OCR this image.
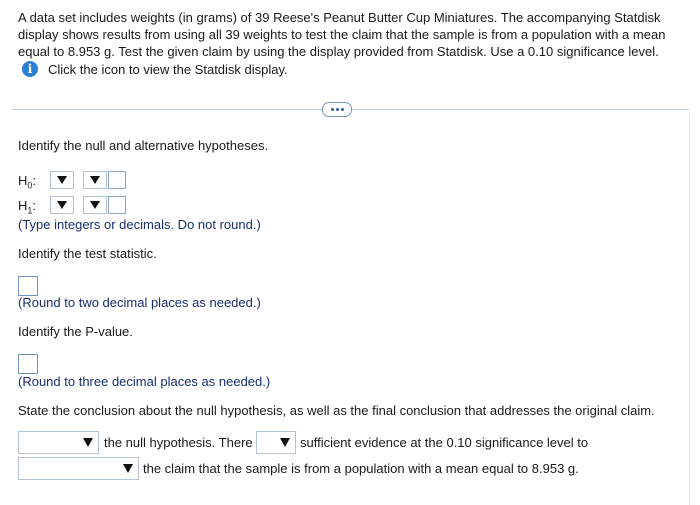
A data set includes weights (in grams) of 39 Reese's Peanut Butter Cup Miniatures. The accompanying Statdisk display shows results from using all 39 weights to test the claim that the sample is from a population with a mean equal to 8.953 g. Test the given claim by using the display provided from Statdisk. Use a 0.10 significance level.
i	Click the icon to view the Statdisk display.
Identify the null and alternative hypotheses.
$H_0$:
$H_1$:
(Type integers or decimals. Do not round.)
Identify the test statistic.
(Round to two decimal places as needed.)
Identify the P-value.
(Round to three decimal places as needed.)
State the conclusion about the null hypothesis, as well as the final conclusion that addresses the original claim.
the null hypothesis. There	sufficient evidence at the 0.10 significance level to
the claim that the sample is from a population with a mean equal to 8.953 g.
